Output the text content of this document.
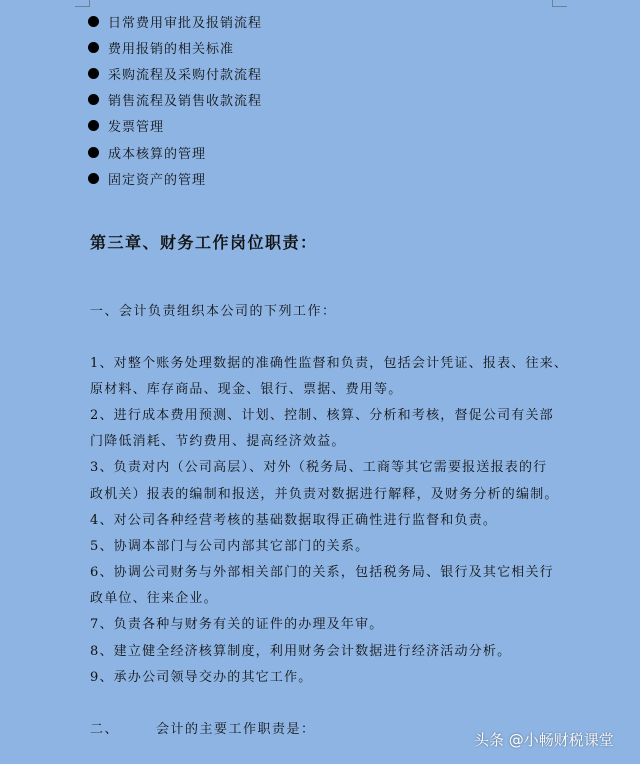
日常费用审批及报销流程
费用报销的相关标准
采购流程及采购付款流程
销售流程及销售收款流程
发票管理
成本核算的管理
固定资产的管理
第三章、财务工作岗位职责：
一、会计负责组织本公司的下列工作：
1、对整个账务处理数据的准确性监督和负责，包括会计凭证、报表、往来、
原材料、库存商品、现金、银行、票据、费用等。
2、进行成本费用预测、计划、控制、核算、分析和考核，督促公司有关部
门降低消耗、节约费用、提高经济效益。
3、负责对内（公司高层）、对外（税务局、工商等其它需要报送报表的行
政机关）报表的编制和报送，并负责对数据进行解释，及财务分析的编制。
4、对公司各种经营考核的基础数据取得正确性进行监督和负责。
5、协调本部门与公司内部其它部门的关系。
6、协调公司财务与外部相关部门的关系，包括税务局、银行及其它相关行
政单位、往来企业。
7、负责各种与财务有关的证件的办理及年审。
8、建立健全经济核算制度，利用财务会计数据进行经济活动分析。
9、承办公司领导交办的其它工作。
二、	会计的主要工作职责是：
头条 @小畅财税课堂
